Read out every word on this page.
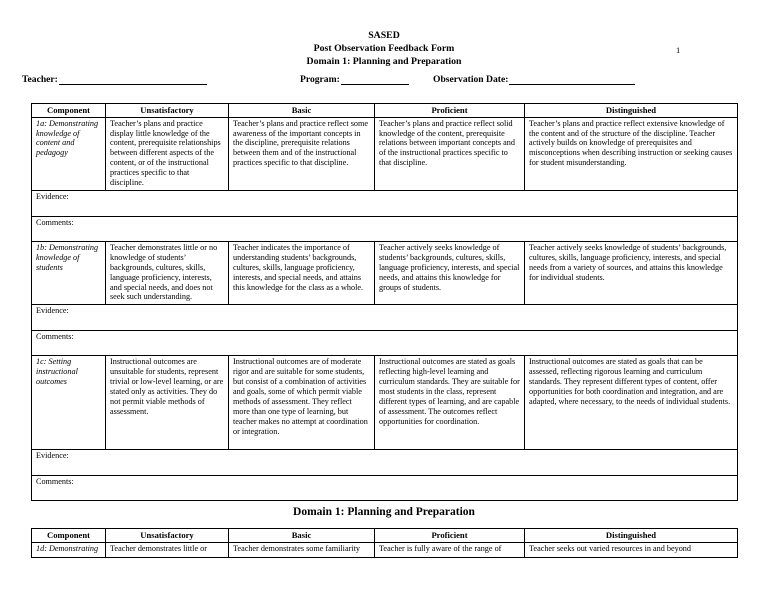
1
SASED
Post Observation Feedback Form
Domain 1: Planning and Preparation
Teacher:	Program:	Observation Date:
Component	Unsatisfactory	Basic	Proficient	Distinguished
1a: Demonstrating knowledge of content and pedagogy	Teacher’s plans and practice display little knowledge of the content, prerequisite relationships between different aspects of the content, or of the instructional practices specific to that discipline.	Teacher’s plans and practice reflect some awareness of the important concepts in the discipline, prerequisite relations between them and of the instructional practices specific to that discipline.	Teacher’s plans and practice reflect solid knowledge of the content, prerequisite relations between important concepts and of the instructional practices specific to that discipline.	Teacher’s plans and practice reflect extensive knowledge of the content and of the structure of the discipline. Teacher actively builds on knowledge of prerequisites and misconceptions when describing instruction or seeking causes for student misunderstanding.
Evidence:				
Comments:				
1b: Demonstrating knowledge of students	Teacher demonstrates little or no knowledge of students’ backgrounds, cultures, skills, language proficiency, interests, and special needs, and does not seek such understanding.	Teacher indicates the importance of understanding students’ backgrounds, cultures, skills, language proficiency, interests, and special needs, and attains this knowledge for the class as a whole.	Teacher actively seeks knowledge of students’ backgrounds, cultures, skills, language proficiency, interests, and special needs, and attains this knowledge for groups of students.	Teacher actively seeks knowledge of students’ backgrounds, cultures, skills, language proficiency, interests, and special needs from a variety of sources, and attains this knowledge for individual students.
Evidence:				
Comments:				
1c: Setting instructional outcomes	Instructional outcomes are unsuitable for students, represent trivial or low-level learning, or are stated only as activities. They do not permit viable methods of assessment.	Instructional outcomes are of moderate rigor and are suitable for some students, but consist of a combination of activities and goals, some of which permit viable methods of assessment. They reflect more than one type of learning, but teacher makes no attempt at coordination or integration.	Instructional outcomes are stated as goals reflecting high-level learning and curriculum standards. They are suitable for most students in the class, represent different types of learning, and are capable of assessment. The outcomes reflect opportunities for coordination.	Instructional outcomes are stated as goals that can be assessed, reflecting rigorous learning and curriculum standards. They represent different types of content, offer opportunities for both coordination and integration, and are adapted, where necessary, to the needs of individual students.
Evidence:				
Comments:				
Domain 1: Planning and Preparation
Component	Unsatisfactory	Basic	Proficient	Distinguished
1d: Demonstrating	Teacher demonstrates little or	Teacher demonstrates some familiarity	Teacher is fully aware of the range of	Teacher seeks out varied resources in and beyond
